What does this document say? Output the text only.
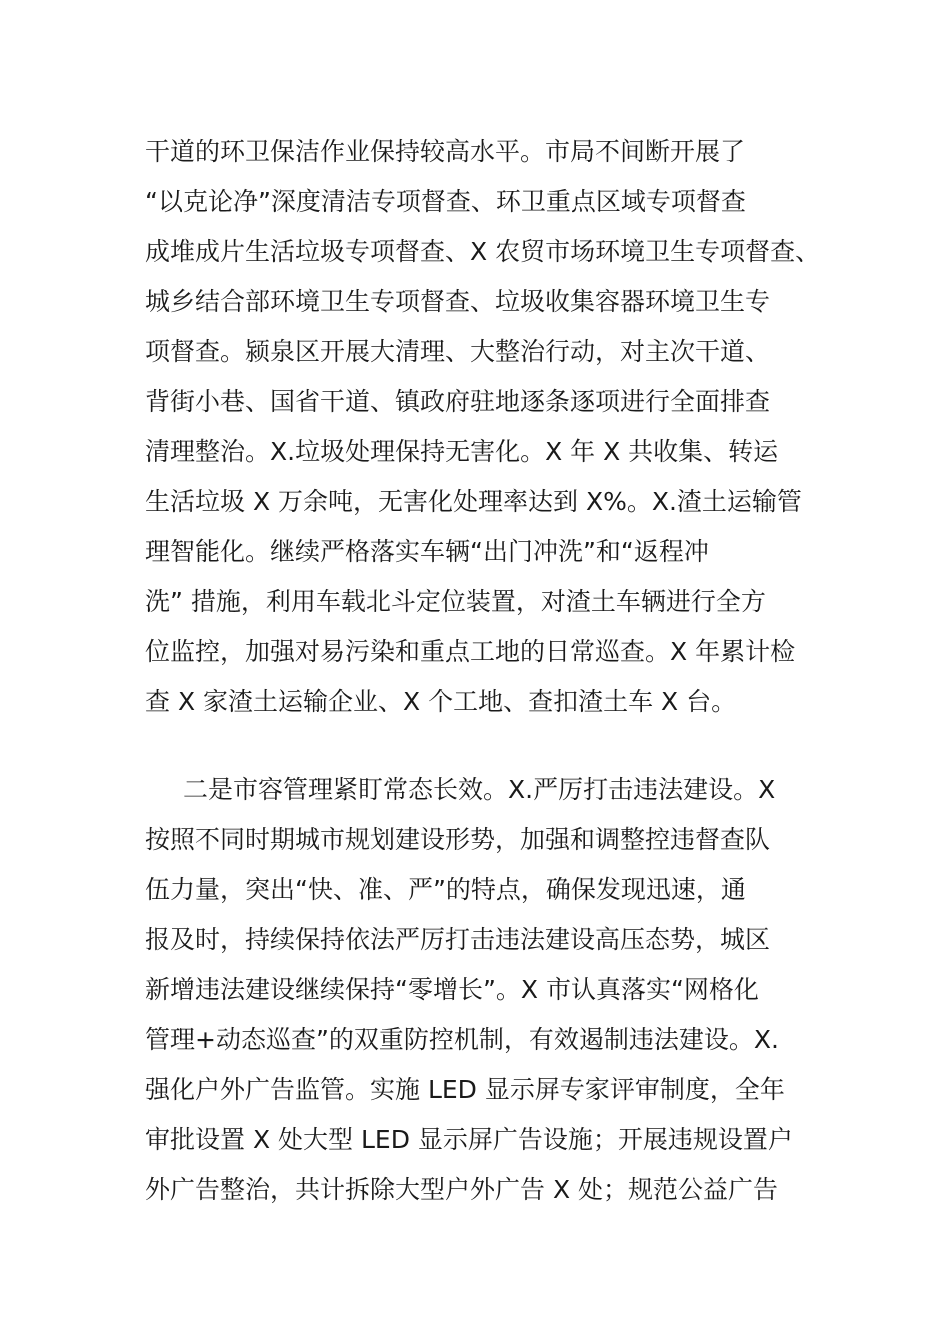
干道的环卫保洁作业保持较高水平。市局不间断开展了
“以克论净”深度清洁专项督查、环卫重点区域专项督查
成堆成片生活垃圾专项督查、X 农贸市场环境卫生专项督查、
城乡结合部环境卫生专项督查、垃圾收集容器环境卫生专
项督查。颍泉区开展大清理、大整治行动，对主次干道、
背街小巷、国省干道、镇政府驻地逐条逐项进行全面排查
清理整治。X.垃圾处理保持无害化。X 年 X 共收集、转运
生活垃圾 X 万余吨，无害化处理率达到 X%。X.渣土运输管
理智能化。继续严格落实车辆“出门冲洗”和“返程冲
洗” 措施，利用车载北斗定位装置，对渣土车辆进行全方
位监控，加强对易污染和重点工地的日常巡查。X 年累计检
查 X 家渣土运输企业、X 个工地、查扣渣土车 X 台。
二是市容管理紧盯常态长效。X.严厉打击违法建设。X
按照不同时期城市规划建设形势，加强和调整控违督查队
伍力量，突出“快、准、严”的特点，确保发现迅速，通
报及时，持续保持依法严厉打击违法建设高压态势，城区
新增违法建设继续保持“零增长”。X 市认真落实“网格化
管理+动态巡查”的双重防控机制，有效遏制违法建设。X.
强化户外广告监管。实施 LED 显示屏专家评审制度，全年
审批设置 X 处大型 LED 显示屏广告设施；开展违规设置户
外广告整治，共计拆除大型户外广告 X 处；规范公益广告
